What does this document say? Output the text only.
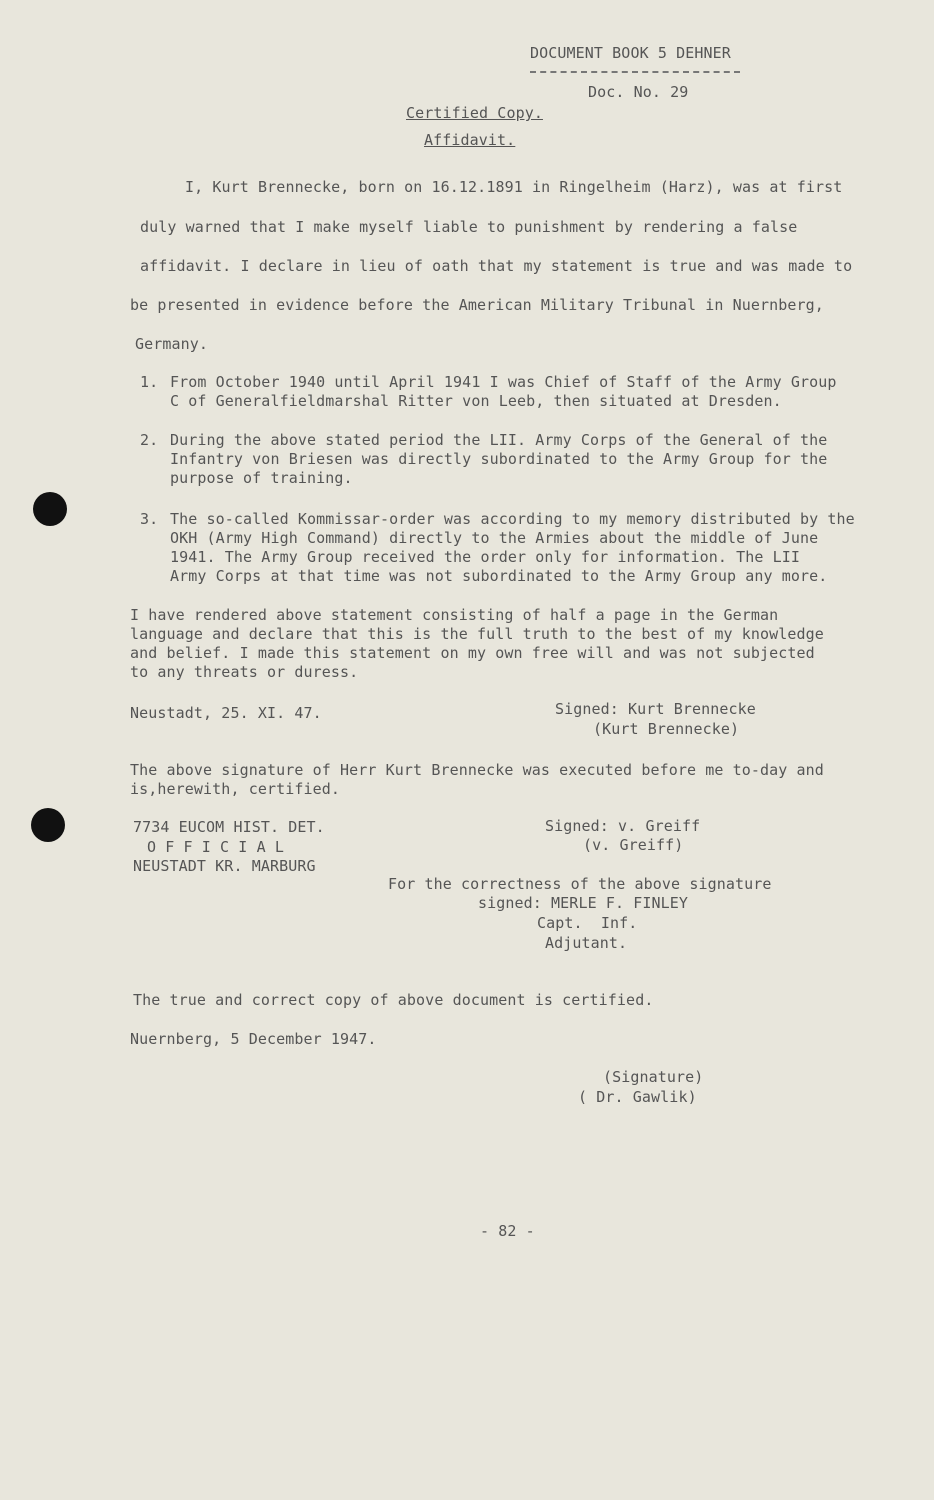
DOCUMENT BOOK 5 DEHNER
Doc. No. 29
Certified Copy.
Affidavit.
I, Kurt Brennecke, born on 16.12.1891 in Ringelheim (Harz), was at first
duly warned that I make myself liable to punishment by rendering a false
affidavit. I declare in lieu of oath that my statement is true and was made to
be presented in evidence before the American Military Tribunal in Nuernberg,
Germany.
1. From October 1940 until April 1941 I was Chief of Staff of the Army Group
C of Generalfieldmarshal Ritter von Leeb, then situated at Dresden.
2. During the above stated period the LII. Army Corps of the General of the
Infantry von Briesen was directly subordinated to the Army Group for the
purpose of training.
3. The so-called Kommissar-order was according to my memory distributed by the
OKH (Army High Command) directly to the Armies about the middle of June
1941. The Army Group received the order only for information. The LII
Army Corps at that time was not subordinated to the Army Group any more.
I have rendered above statement consisting of half a page in the German
language and declare that this is the full truth to the best of my knowledge
and belief. I made this statement on my own free will and was not subjected
to any threats or duress.
Neustadt, 25. XI. 47.	Signed: Kurt Brennecke
(Kurt Brennecke)
The above signature of Herr Kurt Brennecke was executed before me to-day and
is,herewith, certified.
7734 EUCOM HIST. DET.
O F F I C I A L
NEUSTADT KR. MARBURG
Signed: v. Greiff
(v. Greiff)
For the correctness of the above signature
signed: MERLE F. FINLEY
Capt.  Inf.
Adjutant.
The true and correct copy of above document is certified.
Nuernberg, 5 December 1947.
(Signature)
( Dr. Gawlik)
- 82 -
